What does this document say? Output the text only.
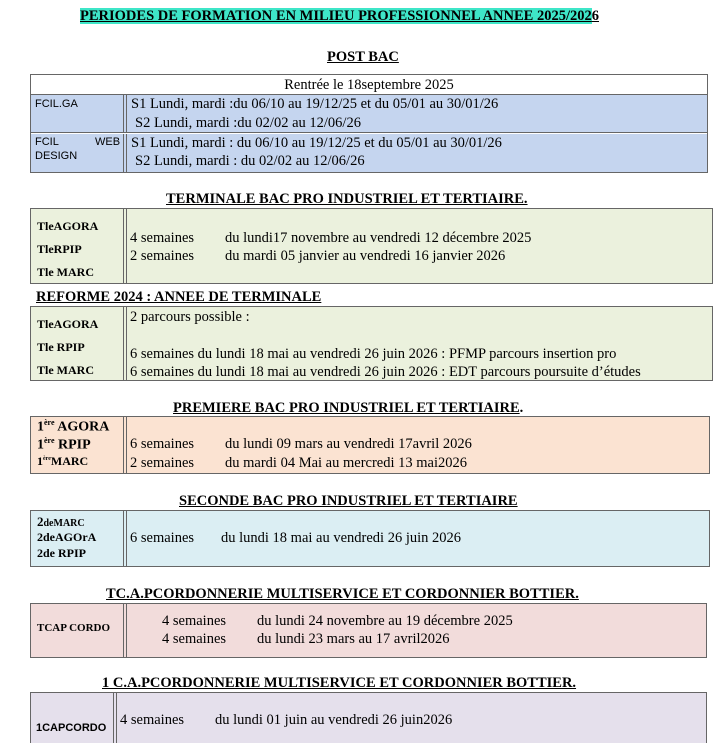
PERIODES DE FORMATION EN MILIEU PROFESSIONNEL ANNEE 2025/2026
POST BAC
Rentrée le 18septembre 2025
FCIL.GA	S1 Lundi, mardi :du 06/10 au 19/12/25 et du 05/01 au 30/01/26
S2 Lundi, mardi :du 02/02 au 12/06/26
FCIL	WEB
DESIGN
S1 Lundi, mardi : du 06/10 au 19/12/25 et du 05/01 au 30/01/26
S2 Lundi, mardi : du 02/02 au 12/06/26
TERMINALE BAC PRO INDUSTRIEL ET TERTIAIRE.
TleAGORA
TleRPIP
Tle MARC
4 semaines du lundi17 novembre au vendredi 12 décembre 2025
2 semaines du mardi 05 janvier au vendredi 16 janvier 2026
REFORME 2024 : ANNEE DE TERMINALE
TleAGORA
Tle RPIP
Tle MARC
2 parcours possible :
6 semaines du lundi 18 mai au vendredi 26 juin 2026 : PFMP parcours insertion pro
6 semaines du lundi 18 mai au vendredi 26 juin 2026 : EDT parcours poursuite d’études
PREMIERE BAC PRO INDUSTRIEL ET TERTIAIRE.
1ère AGORA
1ère RPIP
1èreMARC
6 semaines du lundi 09 mars au vendredi 17avril 2026
2 semaines du mardi 04 Mai au mercredi 13 mai2026
SECONDE BAC PRO INDUSTRIEL ET TERTIAIRE
2deMARC
2deAGOrA
2de RPIP
6 semaines du lundi 18 mai au vendredi 26 juin 2026
TC.A.PCORDONNERIE MULTISERVICE ET CORDONNIER BOTTIER.
TCAP CORDO	4 semaines du lundi 24 novembre au 19 décembre 2025
4 semaines du lundi 23 mars au 17 avril2026
1 C.A.PCORDONNERIE MULTISERVICE ET CORDONNIER BOTTIER.
1CAPCORDO 4 semaines du lundi 01 juin au vendredi 26 juin2026
